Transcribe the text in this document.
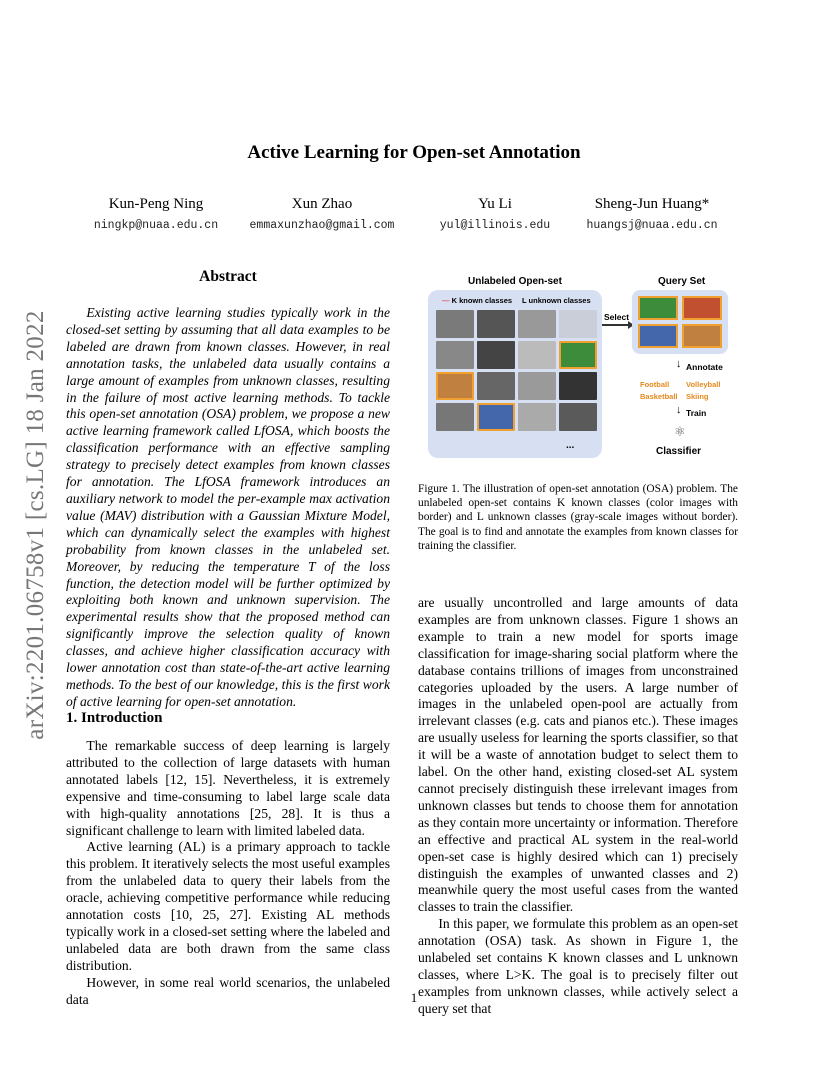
Active Learning for Open-set Annotation
Kun-Peng Ning
ningkp@nuaa.edu.cn
Xun Zhao
emmaxunzhao@gmail.com
Yu Li
yul@illinois.edu
Sheng-Jun Huang*
huangsj@nuaa.edu.cn
arXiv:2201.06758v1 [cs.LG] 18 Jan 2022
Abstract
Existing active learning studies typically work in the closed-set setting by assuming that all data examples to be labeled are drawn from known classes. However, in real annotation tasks, the unlabeled data usually contains a large amount of examples from unknown classes, resulting in the failure of most active learning methods. To tackle this open-set annotation (OSA) problem, we propose a new active learning framework called LfOSA, which boosts the classification performance with an effective sampling strategy to precisely detect examples from known classes for annotation. The LfOSA framework introduces an auxiliary network to model the per-example max activation value (MAV) distribution with a Gaussian Mixture Model, which can dynamically select the examples with highest probability from known classes in the unlabeled set. Moreover, by reducing the temperature T of the loss function, the detection model will be further optimized by exploiting both known and unknown supervision. The experimental results show that the proposed method can significantly improve the selection quality of known classes, and achieve higher classification accuracy with lower annotation cost than state-of-the-art active learning methods. To the best of our knowledge, this is the first work of active learning for open-set annotation.
1. Introduction

The remarkable success of deep learning is largely attributed to the collection of large datasets with human annotated labels [12, 15]. Nevertheless, it is extremely expensive and time-consuming to label large scale data with high-quality annotations [25, 28]. It is thus a significant challenge to learn with limited labeled data.

Active learning (AL) is a primary approach to tackle this problem. It iteratively selects the most useful examples from the unlabeled data to query their labels from the oracle, achieving competitive performance while reducing annotation costs [10, 25, 27]. Existing AL methods typically work in a closed-set setting where the labeled and unlabeled data are both drawn from the same class distribution.

However, in some real world scenarios, the unlabeled data

Unlabeled Open-set	Query Set
— K known classes L unknown classes
...
Select
↓ Annotate
Football Volleyball
Basketball Skiing
↓ Train
⚛
Classifier
Figure 1. The illustration of open-set annotation (OSA) problem. The unlabeled open-set contains K known classes (color images with border) and L unknown classes (gray-scale images without border). The goal is to find and annotate the examples from known classes for training the classifier.

are usually uncontrolled and large amounts of data examples are from unknown classes. Figure 1 shows an example to train a new model for sports image classification for image-sharing social platform where the database contains trillions of images from unconstrained categories uploaded by the users. A large number of images in the unlabeled open-pool are actually from irrelevant classes (e.g. cats and pianos etc.). These images are usually useless for learning the sports classifier, so that it will be a waste of annotation budget to select them to label. On the other hand, existing closed-set AL system cannot precisely distinguish these irrelevant images from unknown classes but tends to choose them for annotation as they contain more uncertainty or information. Therefore an effective and practical AL system in the real-world open-set case is highly desired which can 1) precisely distinguish the examples of unwanted classes and 2) meanwhile query the most useful cases from the wanted classes to train the classifier.

In this paper, we formulate this problem as an open-set annotation (OSA) task. As shown in Figure 1, the unlabeled set contains K known classes and L unknown classes, where L>K. The goal is to precisely filter out examples from unknown classes, while actively select a query set that

1
